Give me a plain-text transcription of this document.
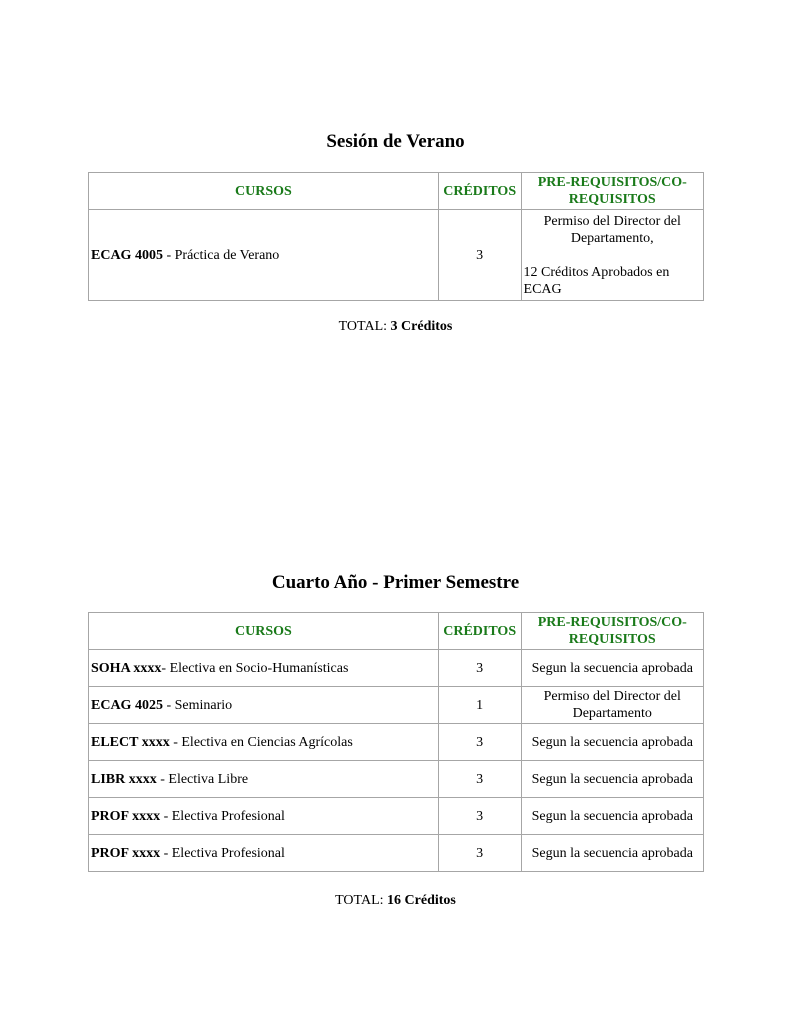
Sesión de Verano
CURSOS	CRÉDITOS	PRE-REQUISITOS/CO-REQUISITOS
ECAG 4005 - Práctica de Verano	3	Permiso del Director del Departamento,
12 Créditos Aprobados en ECAG
TOTAL: 3 Créditos
Cuarto Año - Primer Semestre
CURSOS	CRÉDITOS	PRE-REQUISITOS/CO-REQUISITOS
SOHA xxxx- Electiva en Socio-Humanísticas	3	Segun la secuencia aprobada
ECAG 4025 - Seminario	1	Permiso del Director del Departamento
ELECT xxxx - Electiva en Ciencias Agrícolas	3	Segun la secuencia aprobada
LIBR xxxx - Electiva Libre	3	Segun la secuencia aprobada
PROF xxxx - Electiva Profesional	3	Segun la secuencia aprobada
PROF xxxx - Electiva Profesional	3	Segun la secuencia aprobada
TOTAL: 16 Créditos
